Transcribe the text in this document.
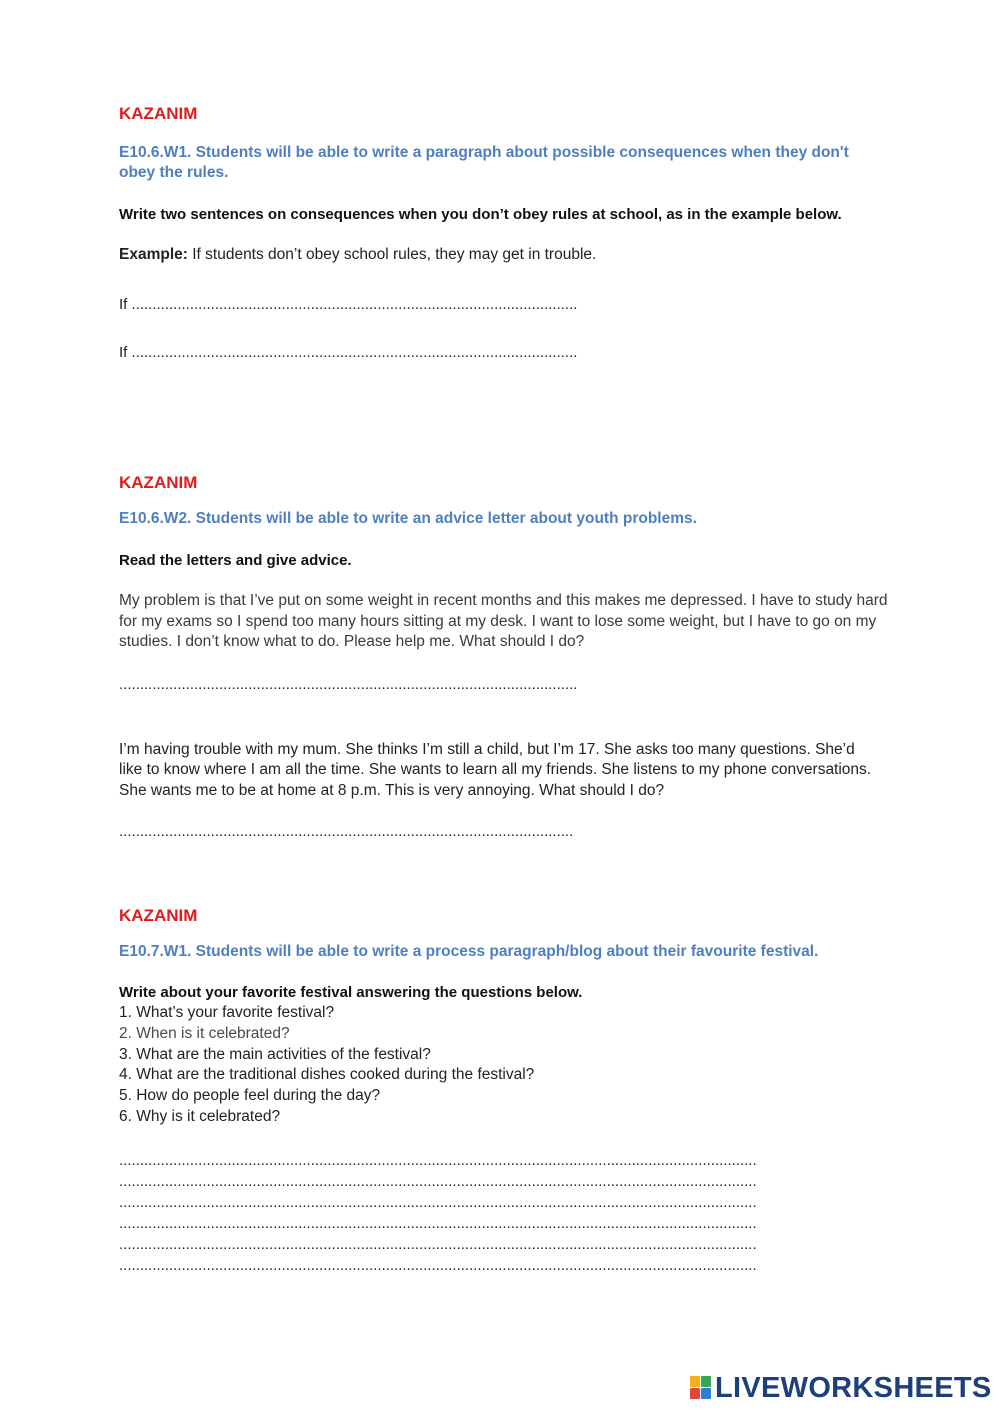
KAZANIM

E10.6.W1. Students will be able to write a paragraph about possible consequences when they don't obey the rules.

Write two sentences on consequences when you don’t obey rules at school, as in the example below.

Example: If students don’t obey school rules, they may get in trouble.

If ...........................................................................................................

If ...........................................................................................................

KAZANIM

E10.6.W2. Students will be able to write an advice letter about youth problems.

Read the letters and give advice.

My problem is that I’ve put on some weight in recent months and this makes me depressed. I have to study hard for my exams so I spend too many hours sitting at my desk. I want to lose some weight, but I have to go on my studies. I don’t know what to do. Please help me. What should I do?

..............................................................................................................

I’m having trouble with my mum. She thinks I’m still a child, but I’m 17. She asks too many questions. She’d like to know where I am all the time. She wants to learn all my friends. She listens to my phone conversations. She wants me to be at home at 8 p.m. This is very annoying. What should I do?

.............................................................................................................

KAZANIM

E10.7.W1. Students will be able to write a process paragraph/blog about their favourite festival.

Write about your favorite festival answering the questions below.

1. What’s your favorite festival?
2. When is it celebrated?
3. What are the main activities of the festival?
4. What are the traditional dishes cooked during the festival?
5. How do people feel during the day?
6. Why is it celebrated?

.........................................................................................................................................................

.........................................................................................................................................................

.........................................................................................................................................................

.........................................................................................................................................................

.........................................................................................................................................................

.........................................................................................................................................................

LIVEWORKSHEETS
